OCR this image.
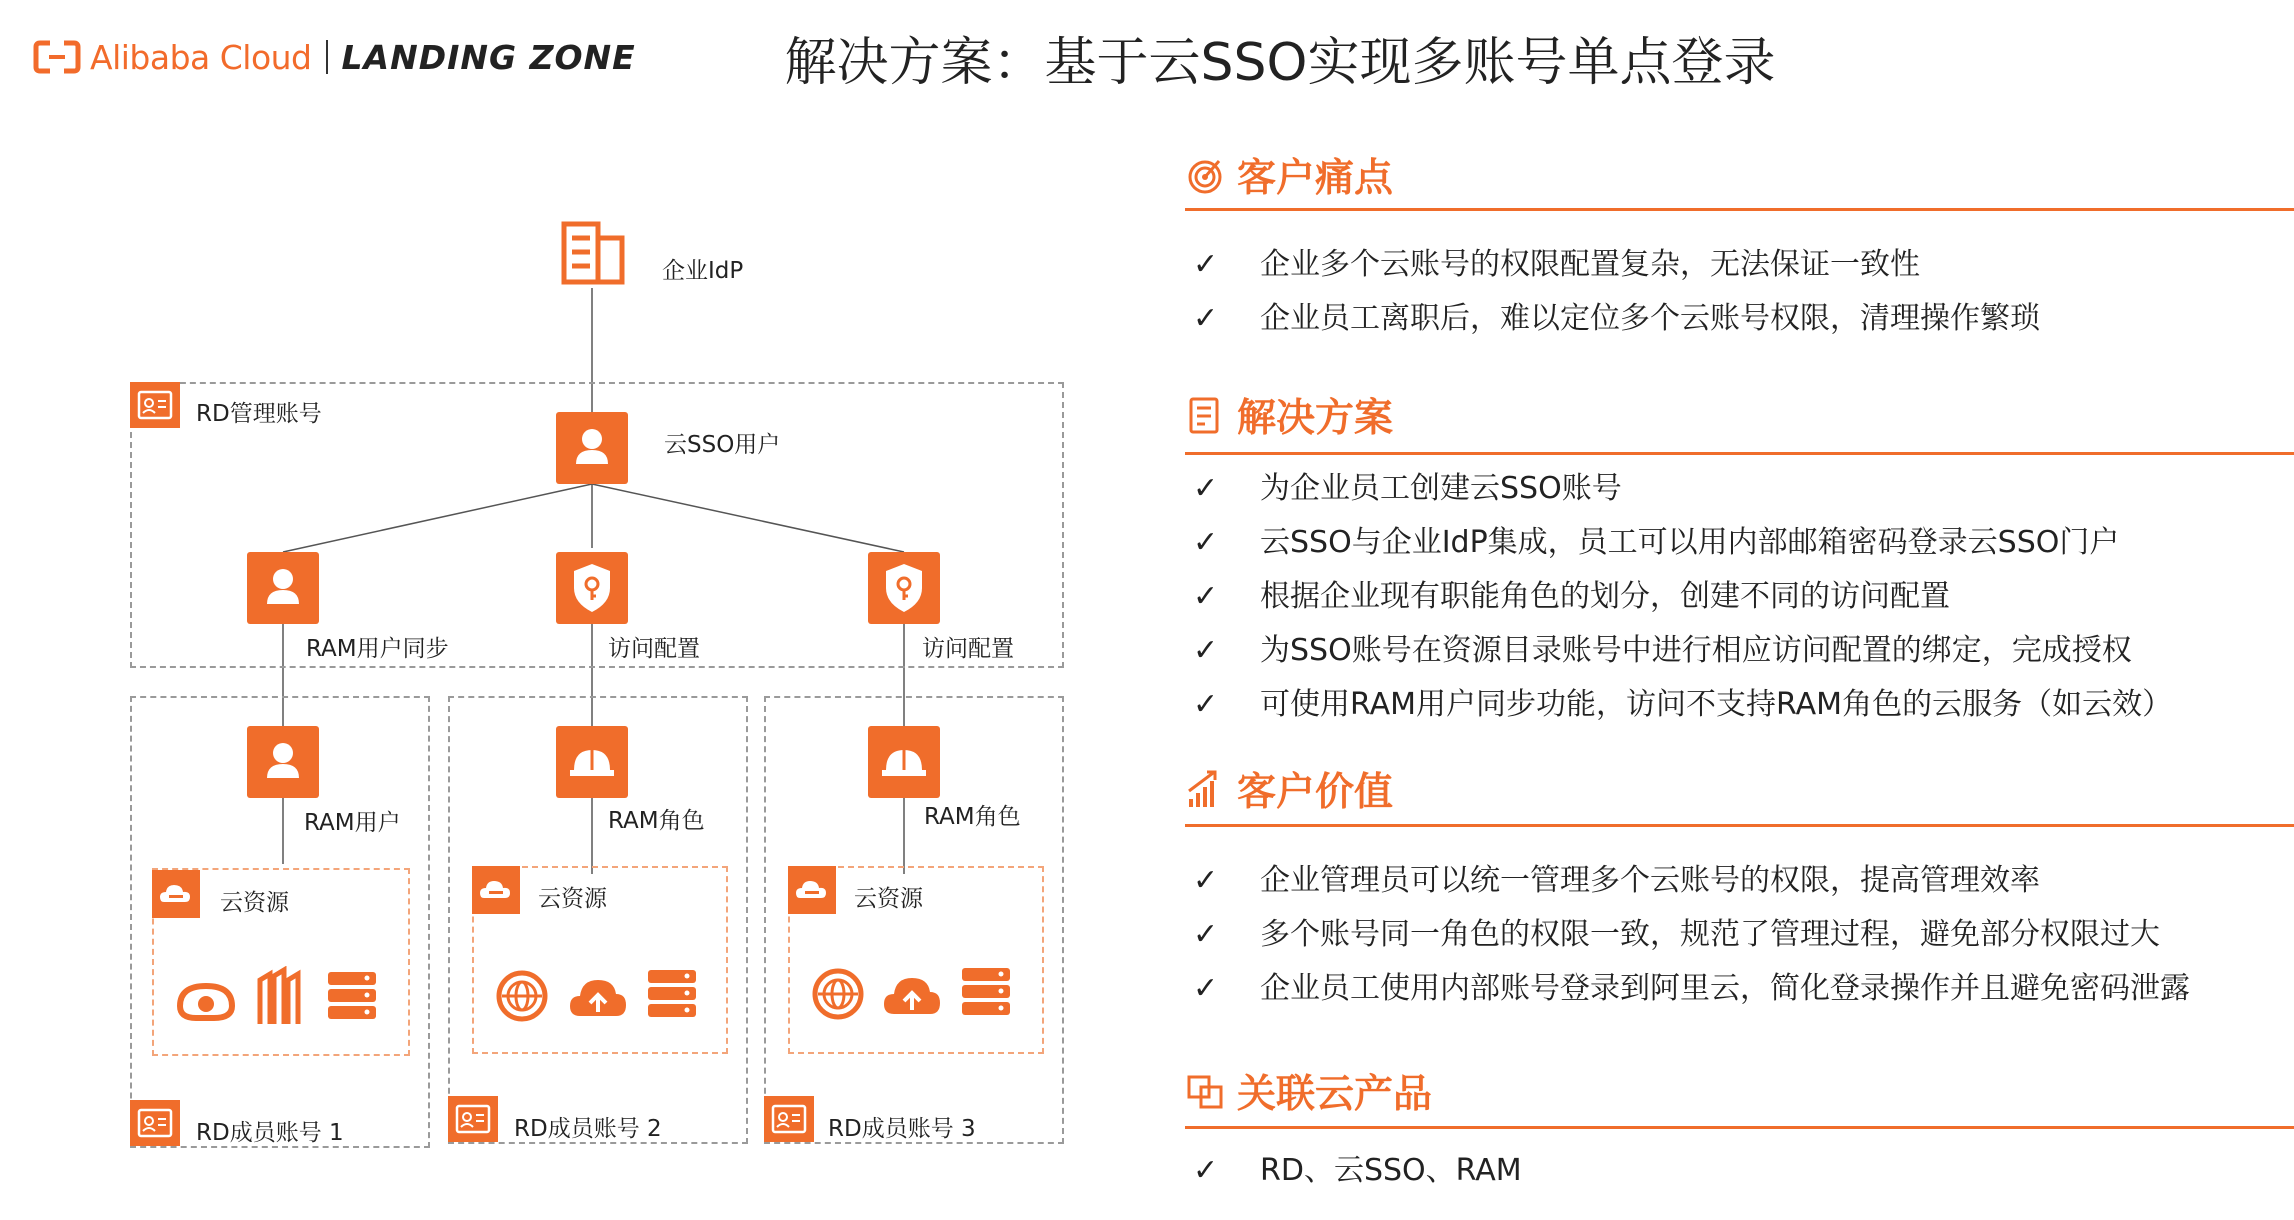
Alibaba Cloud LANDING ZONE	解决方案：基于云SSO实现多账号单点登录
企业IdP
RD管理账号
云SSO用户
RAM用户同步	访问配置	访问配置
RAM用户	RAM角色	RAM角色
云资源	云资源	云资源
RD成员账号 1	RD成员账号 2	RD成员账号 3
客户痛点
✓ 企业多个云账号的权限配置复杂，无法保证一致性
✓ 企业员工离职后，难以定位多个云账号权限，清理操作繁琐
解决方案
✓ 为企业员工创建云SSO账号
✓ 云SSO与企业IdP集成，员工可以用内部邮箱密码登录云SSO门户
✓ 根据企业现有职能角色的划分，创建不同的访问配置
✓ 为SSO账号在资源目录账号中进行相应访问配置的绑定，完成授权
✓ 可使用RAM用户同步功能，访问不支持RAM角色的云服务（如云效）
客户价值
✓ 企业管理员可以统一管理多个云账号的权限，提高管理效率
✓ 多个账号同一角色的权限一致，规范了管理过程，避免部分权限过大
✓ 企业员工使用内部账号登录到阿里云，简化登录操作并且避免密码泄露
关联云产品
✓ RD、云SSO、RAM
